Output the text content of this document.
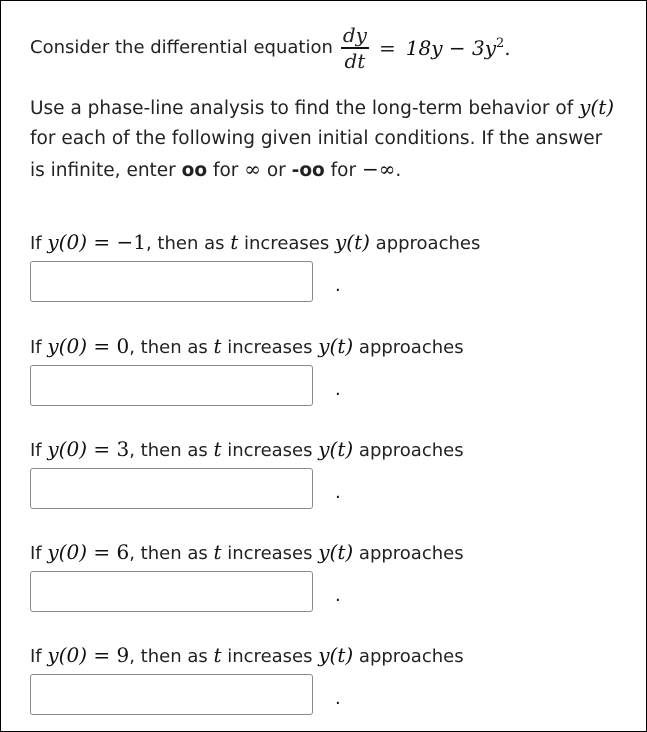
Consider the differential equation $\frac{dy}{dt} = 18y - 3y^2$ .
Use a phase-line analysis to find the long-term behavior of y(t) for each of the following given initial conditions. If the answer is infinite, enter oo for ∞ or -oo for −∞.
If y(0) = −1, then as t increases y(t) approaches
.
If y(0) = 0, then as t increases y(t) approaches
.
If y(0) = 3, then as t increases y(t) approaches
.
If y(0) = 6, then as t increases y(t) approaches
.
If y(0) = 9, then as t increases y(t) approaches
.
